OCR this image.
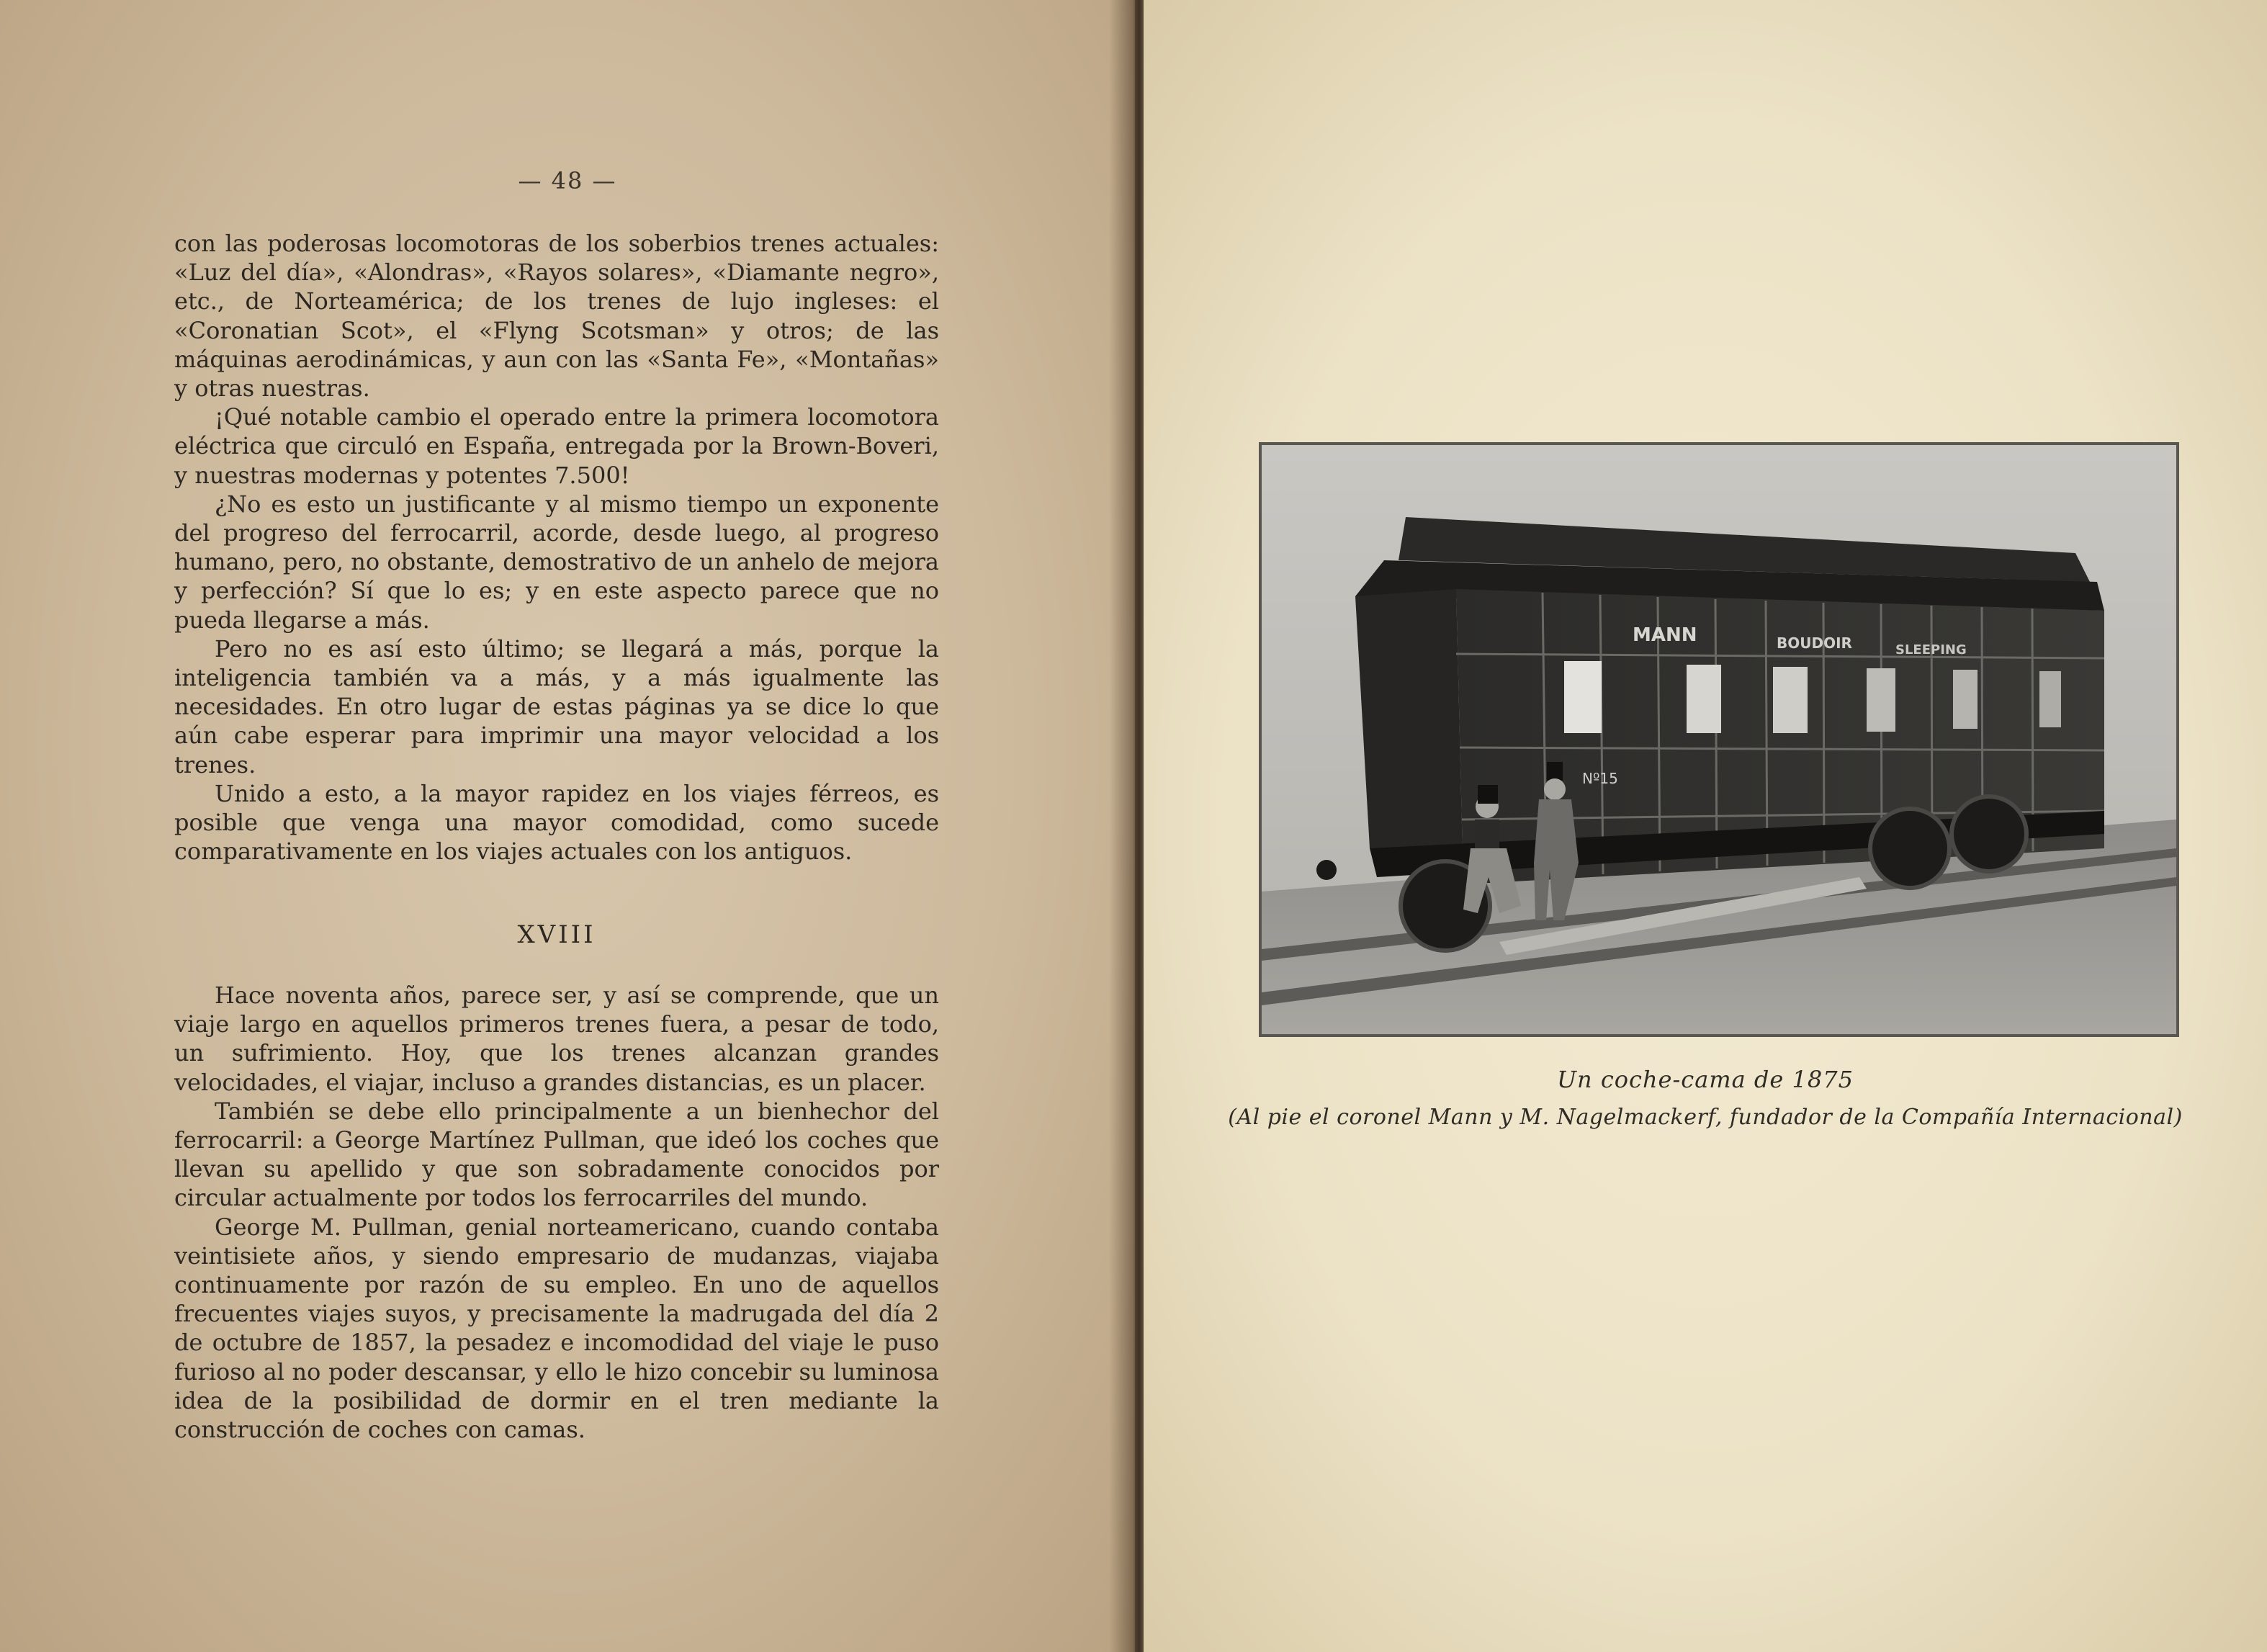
— 48 —

con las poderosas locomotoras de los soberbios trenes actuales: «Luz del día», «Alondras», «Rayos solares», «Diamante negro», etc., de Norteamérica; de los trenes de lujo ingleses: el «Coronatian Scot», el «Flyng Scotsman» y otros; de las máquinas aerodinámicas, y aun con las «Santa Fe», «Montañas» y otras nuestras.

¡Qué notable cambio el operado entre la primera locomotora eléctrica que circuló en España, entregada por la Brown-Boveri, y nuestras modernas y potentes 7.500!

¿No es esto un justificante y al mismo tiempo un exponente del progreso del ferrocarril, acorde, desde luego, al progreso humano, pero, no obstante, demostrativo de un anhelo de mejora y perfección? Sí que lo es; y en este aspecto parece que no pueda llegarse a más.

Pero no es así esto último; se llegará a más, porque la inteligencia también va a más, y a más igualmente las necesidades. En otro lugar de estas páginas ya se dice lo que aún cabe esperar para imprimir una mayor velocidad a los trenes.

Unido a esto, a la mayor rapidez en los viajes férreos, es posible que venga una mayor comodidad, como sucede comparativamente en los viajes actuales con los antiguos.

XVIII

Hace noventa años, parece ser, y así se comprende, que un viaje largo en aquellos primeros trenes fuera, a pesar de todo, un sufrimiento. Hoy, que los trenes alcanzan grandes velocidades, el viajar, incluso a grandes distancias, es un placer.

También se debe ello principalmente a un bienhechor del ferrocarril: a George Martínez Pullman, que ideó los coches que llevan su apellido y que son sobradamente conocidos por circular actualmente por todos los ferrocarriles del mundo.

George M. Pullman, genial norteamericano, cuando contaba veintisiete años, y siendo empresario de mudanzas, viajaba continuamente por razón de su empleo. En uno de aquellos frecuentes viajes suyos, y precisamente la madrugada del día 2 de octubre de 1857, la pesadez e incomodidad del viaje le puso furioso al no poder descansar, y ello le hizo concebir su luminosa idea de la posibilidad de dormir en el tren mediante la construcción de coches con camas.

MANN	BOUDOIR	SLEEPING
Nº15
Un coche-cama de 1875
(Al pie el coronel Mann y M. Nagelmackerf, fundador de la Compañía Internacional)
